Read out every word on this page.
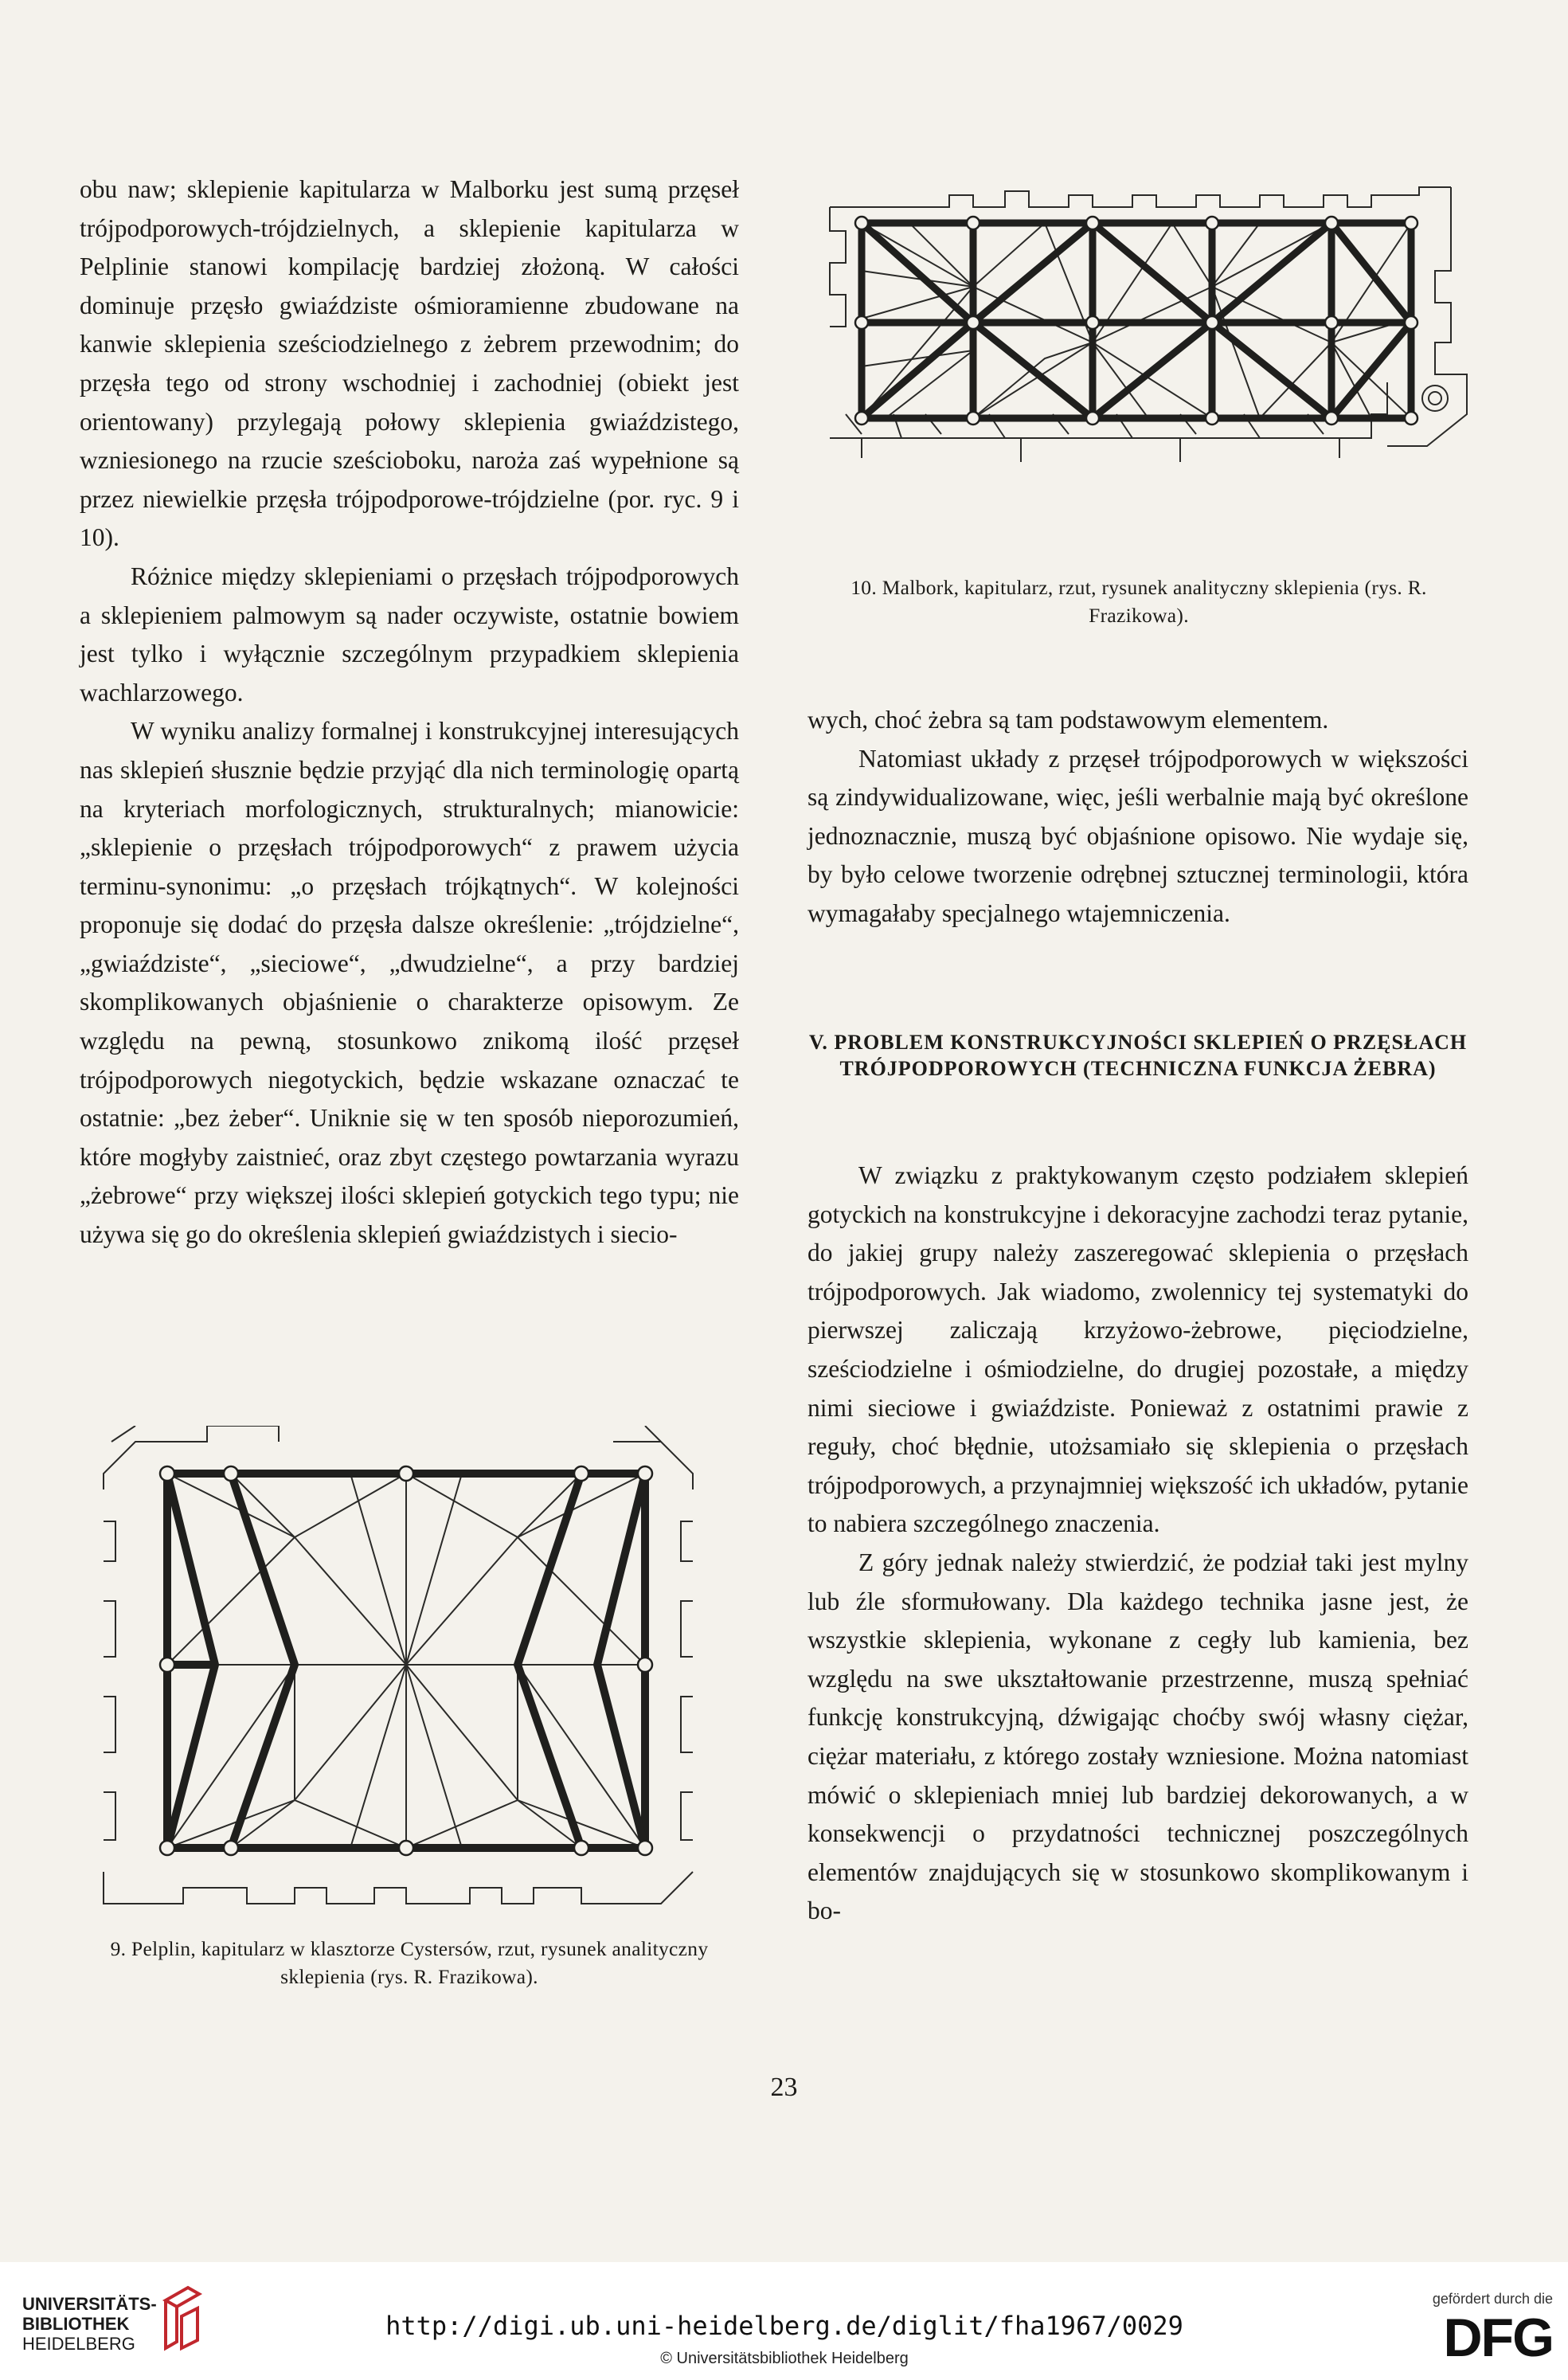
10. Malbork, kapitularz, rzut, rysunek analityczny sklepienia (rys. R. Frazikowa).

obu naw; sklepienie kapitularza w Malborku jest sumą przęseł trójpodporowych-trójdzielnych, a sklepienie kapitularza w Pelplinie stanowi kompilację bardziej złożoną. W całości dominuje przęsło gwiaździste ośmioramienne zbudowane na kanwie sklepienia sześciodzielnego z żebrem przewodnim; do przęsła tego od strony wschodniej i zachodniej (obiekt jest orientowany) przylegają połowy sklepienia gwiaździstego, wzniesionego na rzucie sześcioboku, naroża zaś wypełnione są przez niewielkie przęsła trójpodporowe-trójdzielne (por. ryc. 9 i 10).

Różnice między sklepieniami o przęsłach trójpodporowych a sklepieniem palmowym są nader oczywiste, ostatnie bowiem jest tylko i wyłącznie szczególnym przypadkiem sklepienia wachlarzowego.

W wyniku analizy formalnej i konstrukcyjnej interesujących nas sklepień słusznie będzie przyjąć dla nich terminologię opartą na kryteriach morfologicznych, strukturalnych; mianowicie: „sklepienie o przęsłach trójpodporowych“ z prawem użycia terminu-synonimu: „o przęsłach trójkątnych“. W kolejności proponuje się dodać do przęsła dalsze określenie: „trójdzielne“, „gwiaździste“, „sieciowe“, „dwudzielne“, a przy bardziej skomplikowanych objaśnienie o charakterze opisowym. Ze względu na pewną, stosunkowo znikomą ilość przęseł trójpodporowych niegotyckich, będzie wskazane oznaczać te ostatnie: „bez żeber“. Uniknie się w ten sposób nieporozumień, które mogłyby zaistnieć, oraz zbyt częstego powtarzania wyrazu „żebrowe“ przy większej ilości sklepień gotyckich tego typu; nie używa się go do określenia sklepień gwiaździstych i siecio-

9. Pelplin, kapitularz w klasztorze Cystersów, rzut, rysunek analityczny sklepienia (rys. R. Frazikowa).

wych, choć żebra są tam podstawowym elementem.

Natomiast układy z przęseł trójpodporowych w większości są zindywidualizowane, więc, jeśli werbalnie mają być określone jednoznacznie, muszą być objaśnione opisowo. Nie wydaje się, by było celowe tworzenie odrębnej sztucznej terminologii, która wymagałaby specjalnego wtajemniczenia.

V. PROBLEM KONSTRUKCYJNOŚCI SKLEPIEŃ O PRZĘSŁACH TRÓJPODPOROWYCH (TECHNICZNA FUNKCJA ŻEBRA)

W związku z praktykowanym często podziałem sklepień gotyckich na konstrukcyjne i dekoracyjne zachodzi teraz pytanie, do jakiej grupy należy zaszeregować sklepienia o przęsłach trójpodporowych. Jak wiadomo, zwolennicy tej systematyki do pierwszej zaliczają krzyżowo-żebrowe, pięciodzielne, sześciodzielne i ośmiodzielne, do drugiej pozostałe, a między nimi sieciowe i gwiaździste. Ponieważ z ostatnimi prawie z reguły, choć błędnie, utożsamiało się sklepienia o przęsłach trójpodporowych, a przynajmniej większość ich układów, pytanie to nabiera szczególnego znaczenia.

Z góry jednak należy stwierdzić, że podział taki jest mylny lub źle sformułowany. Dla każdego technika jasne jest, że wszystkie sklepienia, wykonane z cegły lub kamienia, bez względu na swe ukształtowanie przestrzenne, muszą spełniać funkcję konstrukcyjną, dźwigając choćby swój własny ciężar, ciężar materiału, z którego zostały wzniesione. Można natomiast mówić o sklepieniach mniej lub bardziej dekorowanych, a w konsekwencji o przydatności technicznej poszczególnych elementów znajdujących się w stosunkowo skomplikowanym i bo-

23
UNIVERSITÄTS-
BIBLIOTHEK
HEIDELBERG
http://digi.ub.uni-heidelberg.de/diglit/fha1967/0029
© Universitätsbibliothek Heidelberg
gefördert durch die
DFG
